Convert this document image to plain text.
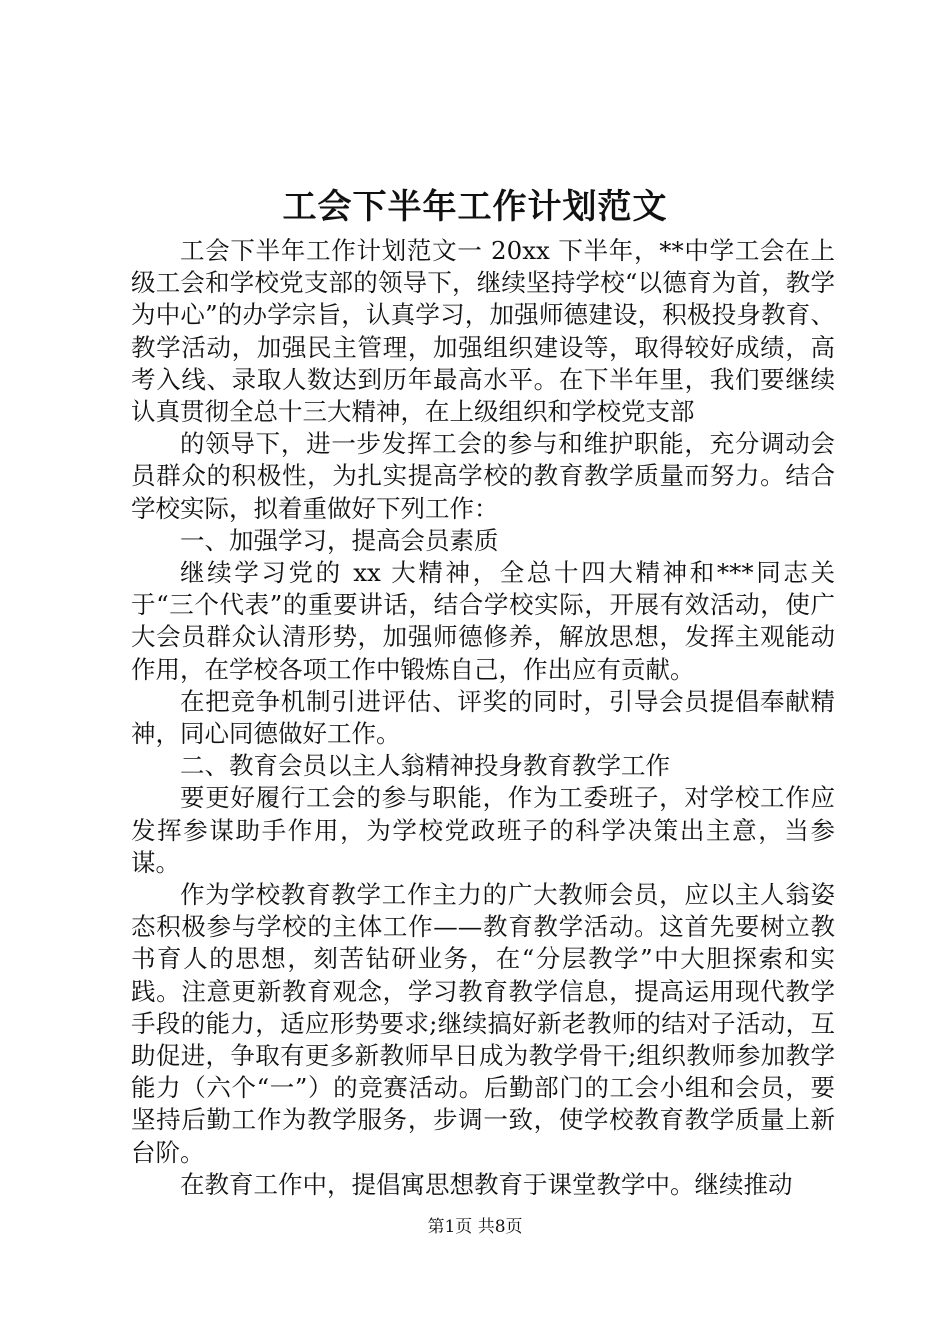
工会下半年工作计划范文

工会下半年工作计划范文一 20xx 下半年，**中学工会在上级工会和学校党支部的领导下，继续坚持学校“以德育为首，教学为中心”的办学宗旨，认真学习，加强师德建设，积极投身教育、教学活动，加强民主管理，加强组织建设等，取得较好成绩，高考入线、录取人数达到历年最高水平。在下半年里，我们要继续认真贯彻全总十三大精神，在上级组织和学校党支部

的领导下，进一步发挥工会的参与和维护职能，充分调动会员群众的积极性，为扎实提高学校的教育教学质量而努力。结合学校实际，拟着重做好下列工作：

一、加强学习，提高会员素质

继续学习党的 xx 大精神，全总十四大精神和***同志关于“三个代表”的重要讲话，结合学校实际，开展有效活动，使广大会员群众认清形势，加强师德修养，解放思想，发挥主观能动作用，在学校各项工作中锻炼自己，作出应有贡献。

在把竞争机制引进评估、评奖的同时，引导会员提倡奉献精神，同心同德做好工作。

二、教育会员以主人翁精神投身教育教学工作

要更好履行工会的参与职能，作为工委班子，对学校工作应发挥参谋助手作用，为学校党政班子的科学决策出主意，当参谋。

作为学校教育教学工作主力的广大教师会员，应以主人翁姿态积极参与学校的主体工作——教育教学活动。这首先要树立教书育人的思想，刻苦钻研业务，在“分层教学”中大胆探索和实践。注意更新教育观念，学习教育教学信息，提高运用现代教学手段的能力，适应形势要求;继续搞好新老教师的结对子活动，互助促进，争取有更多新教师早日成为教学骨干;组织教师参加教学能力（六个“一”）的竞赛活动。后勤部门的工会小组和会员，要坚持后勤工作为教学服务，步调一致，使学校教育教学质量上新台阶。

在教育工作中，提倡寓思想教育于课堂教学中。继续推动

第1页 共8页
